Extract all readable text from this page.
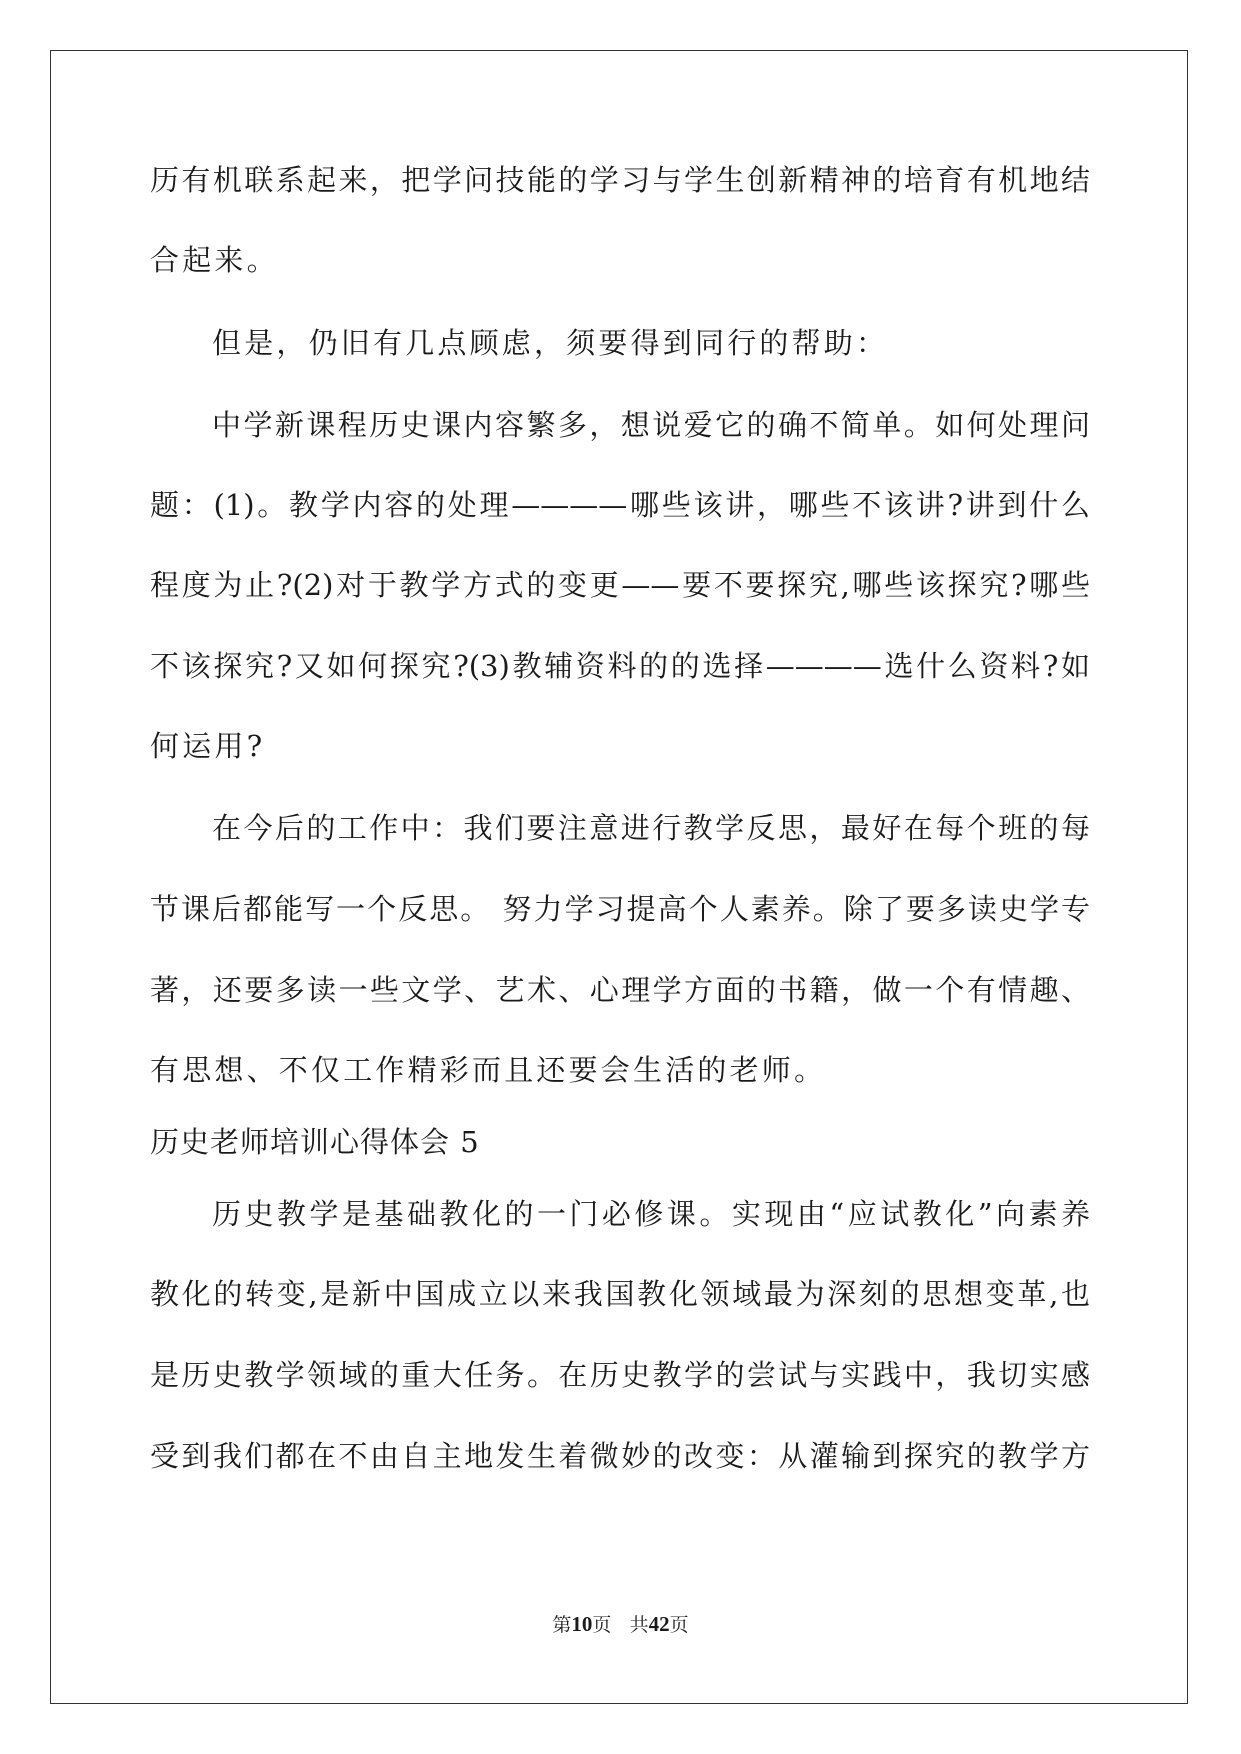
历有机联系起来，把学问技能的学习与学生创新精神的培育有机地结
合起来。
但是，仍旧有几点顾虑，须要得到同行的帮助：
中学新课程历史课内容繁多，想说爱它的确不简单。如何处理问
题：(1)。教学内容的处理————哪些该讲，哪些不该讲?讲到什么
程度为止?(2)对于教学方式的变更——要不要探究,哪些该探究?哪些
不该探究?又如何探究?(3)教辅资料的的选择————选什么资料?如
何运用?
在今后的工作中：我们要注意进行教学反思，最好在每个班的每
节课后都能写一个反思。 努力学习提高个人素养。除了要多读史学专
著，还要多读一些文学、艺术、心理学方面的书籍，做一个有情趣、
有思想、不仅工作精彩而且还要会生活的老师。
历史老师培训心得体会 5
历史教学是基础教化的一门必修课。实现由“应试教化”向素养
教化的转变,是新中国成立以来我国教化领域最为深刻的思想变革,也
是历史教学领域的重大任务。在历史教学的尝试与实践中，我切实感
受到我们都在不由自主地发生着微妙的改变：从灌输到探究的教学方
第10页 共42页
